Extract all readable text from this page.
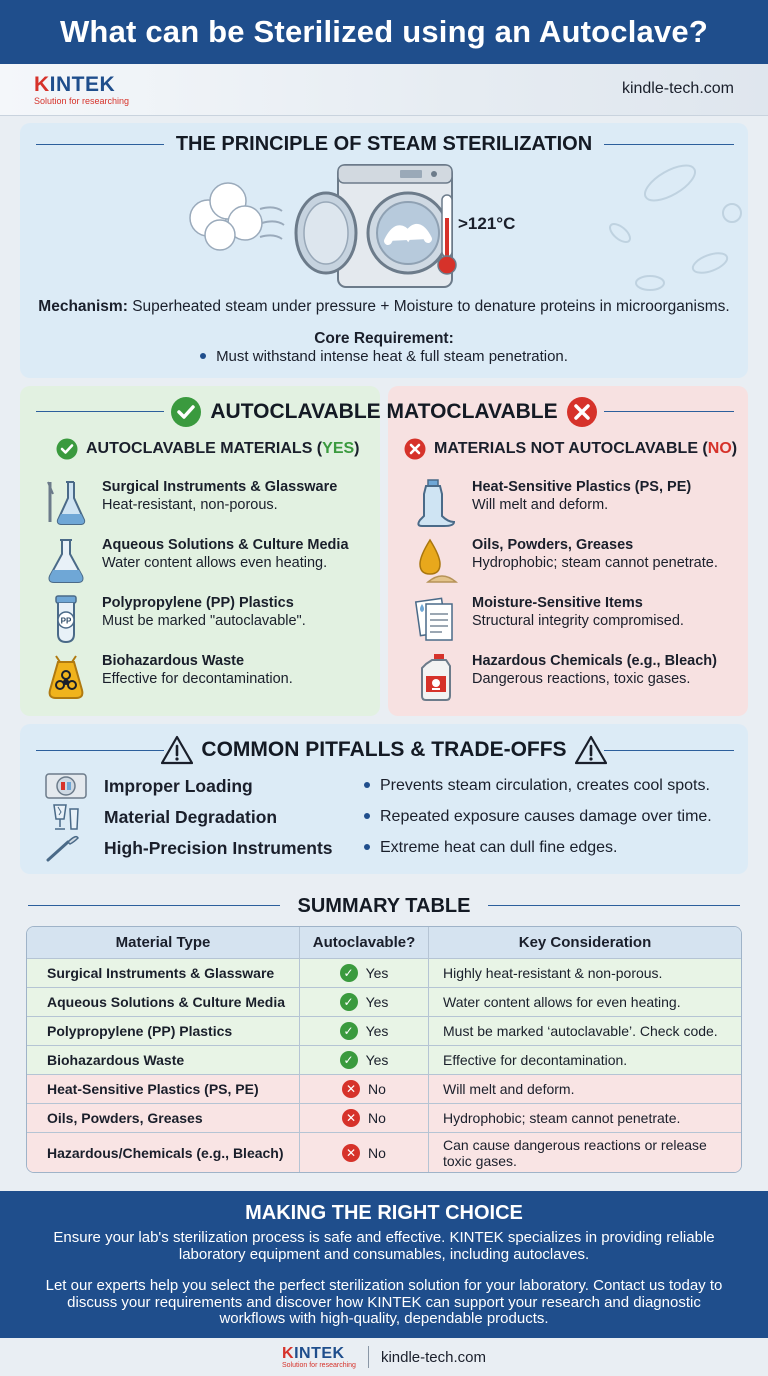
What can be Sterilized using an Autoclave?
KINTEK
Solution for researching
kindle-tech.com
THE PRINCIPLE OF STEAM STERILIZATION
>121°C
Mechanism: Superheated steam under pressure + Moisture to denature proteins in microorganisms.
Core Requirement:
Must withstand intense heat & full steam penetration.
AUTOCLAVABLE MATOCLAVABLE
AUTOCLAVABLE MATERIALS ( YES )	MATERIALS NOT AUTOCLAVABLE ( NO )
Surgical Instruments & Glassware
Heat-resistant, non-porous.
Aqueous Solutions & Culture Media
Water content allows even heating.
PP
Polypropylene (PP) Plastics
Must be marked "autoclavable".
Biohazardous Waste
Effective for decontamination.
Heat-Sensitive Plastics (PS, PE)
Will melt and deform.
Oils, Powders, Greases
Hydrophobic; steam cannot penetrate.
Moisture-Sensitive Items
Structural integrity compromised.
Hazardous Chemicals (e.g., Bleach)
Dangerous reactions, toxic gases.
COMMON PITFALLS & TRADE-OFFS
Improper Loading	Prevents steam circulation, creates cool spots.
Material Degradation	Repeated exposure causes damage over time.
High-Precision Instruments	Extreme heat can dull fine edges.
SUMMARY TABLE
Material Type	Autoclavable?	Key Consideration
Surgical Instruments & Glassware	✓ Yes	Highly heat-resistant & non-porous.
Aqueous Solutions & Culture Media	✓ Yes	Water content allows for even heating.
Polypropylene (PP) Plastics	✓ Yes	Must be marked ‘autoclavable’. Check code.
Biohazardous Waste	✓ Yes	Effective for decontamination.
Heat-Sensitive Plastics (PS, PE)	✕ No	Will melt and deform.
Oils, Powders, Greases	✕ No	Hydrophobic; steam cannot penetrate.
Hazardous/Chemicals (e.g., Bleach)	✕ No	Can cause dangerous reactions or release
toxic gases.
MAKING THE RIGHT CHOICE
Ensure your lab's sterilization process is safe and effective. KINTEK specializes in providing reliable laboratory equipment and consumables, including autoclaves.
Let our experts help you select the perfect sterilization solution for your laboratory. Contact us today to discuss your requirements and discover how KINTEK can support your research and diagnostic workflows with high-quality, dependable products.
KINTEK
Solution for researching kindle-tech.com
